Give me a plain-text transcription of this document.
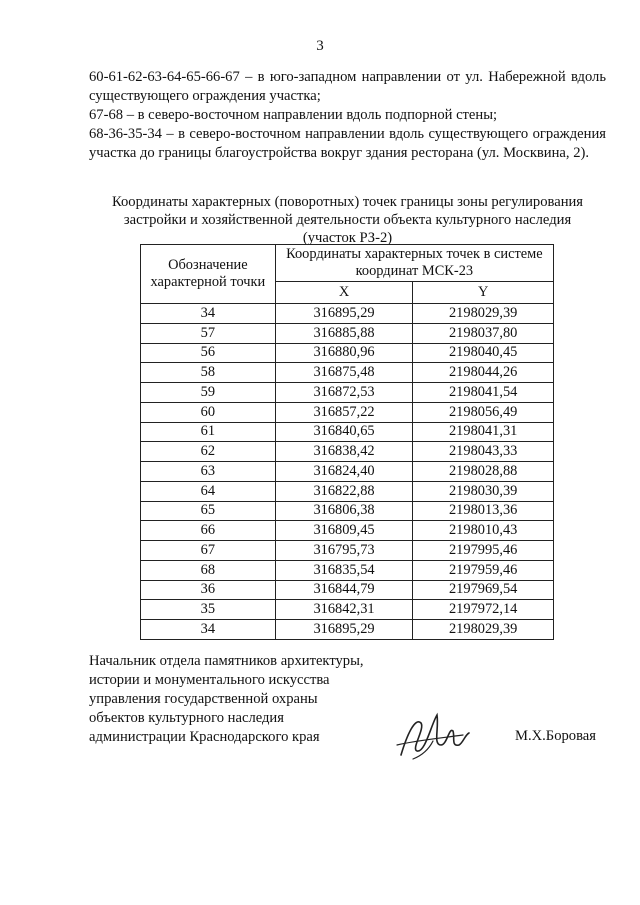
3
60-61-62-63-64-65-66-67 – в юго-западном направлении от ул. Набережной вдоль существующего ограждения участка;
67-68 – в северо-восточном направлении вдоль подпорной стены;
68-36-35-34 – в северо-восточном направлении вдоль существующего ограждения участка до границы благоустройства вокруг здания ресторана (ул. Москвина, 2).
Координаты характерных (поворотных) точек границы зоны регулирования
застройки и хозяйственной деятельности объекта культурного наследия
(участок РЗ-2)
Обозначение характерной точки	Координаты характерных точек в системе координат МСК-23	
	X	Y
34	316895,29	2198029,39
57	316885,88	2198037,80
56	316880,96	2198040,45
58	316875,48	2198044,26
59	316872,53	2198041,54
60	316857,22	2198056,49
61	316840,65	2198041,31
62	316838,42	2198043,33
63	316824,40	2198028,88
64	316822,88	2198030,39
65	316806,38	2198013,36
66	316809,45	2198010,43
67	316795,73	2197995,46
68	316835,54	2197959,46
36	316844,79	2197969,54
35	316842,31	2197972,14
34	316895,29	2198029,39
Начальник отдела памятников архитектуры,
истории и монументального искусства
управления государственной охраны
объектов культурного наследия
администрации Краснодарского края	М.Х.Боровая
